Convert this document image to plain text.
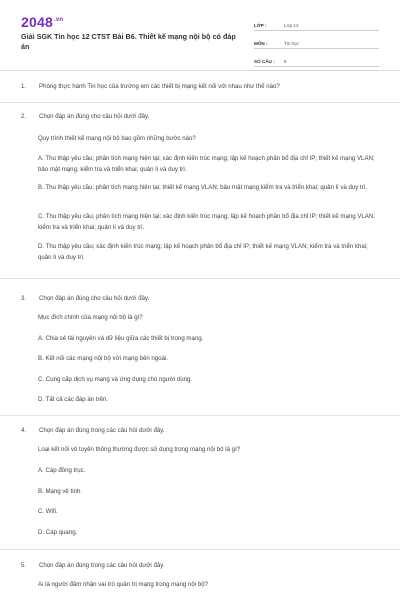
$2048^{.vn}$
Giải SGK Tin học 12 CTST Bài B6. Thiết kế mạng nội bộ có đáp án
LỚP :	Lớp 12
MÔN :	Tin học
SỐ CÂU :	6
1. Phòng thực hành Tin học của trường em các thiết bị mạng kết nối với nhau như thế nào?
2. Chọn đáp án đúng cho câu hỏi dưới đây.
Quy trình thiết kế mạng nội bộ bao gồm những bước nào?
A. Thu thập yêu cầu; phân tích mạng hiện tại; xác định kiến trúc mạng; lập kế hoạch phân bổ địa chỉ IP; thiết kế mạng VLAN; bảo mật mạng; kiểm tra và triển khai; quản lí và duy trì.
B. Thu thập yêu cầu; phân tích mạng hiện tại; thiết kế mạng VLAN; bảo mật mạng kiểm tra và triển khai; quản lí và duy trì.
C. Thu thập yêu cầu; phân tích mạng hiện tại; xác định kiến trúc mạng; lập kế hoạch phân bổ địa chỉ IP; thiết kế mạng VLAN; kiểm tra và triển khai; quản lí và duy trì.
D. Thu thập yêu cầu; xác định kiến trúc mạng; lập kế hoạch phân bổ địa chỉ IP; thiết kế mạng VLAN; kiểm tra và triển khai; quản lí và duy trì.
3. Chọn đáp án đúng cho câu hỏi dưới đây.
Mục đích chính của mạng nội bộ là gì?
A. Chia sẻ tài nguyên và dữ liệu giữa các thiết bị trong mạng.
B. Kết nối các mạng nội bộ với mạng bên ngoài.
C. Cung cấp dịch vụ mạng và ứng dụng cho người dùng.
D. Tất cả các đáp án trên.
4. Chọn đáp án đúng trong các câu hỏi dưới đây.
Loại kết nối vô tuyến thông thường được sử dụng trong mạng nội bộ là gì?
A. Cáp đồng trục.
B. Mạng vệ tinh.
C. Wifi.
D. Cáp quang.
5. Chọn đáp án đúng trong các câu hỏi dưới đây.
Ai là người đảm nhận vai trò quản trị mạng trong mạng nội bộ?
